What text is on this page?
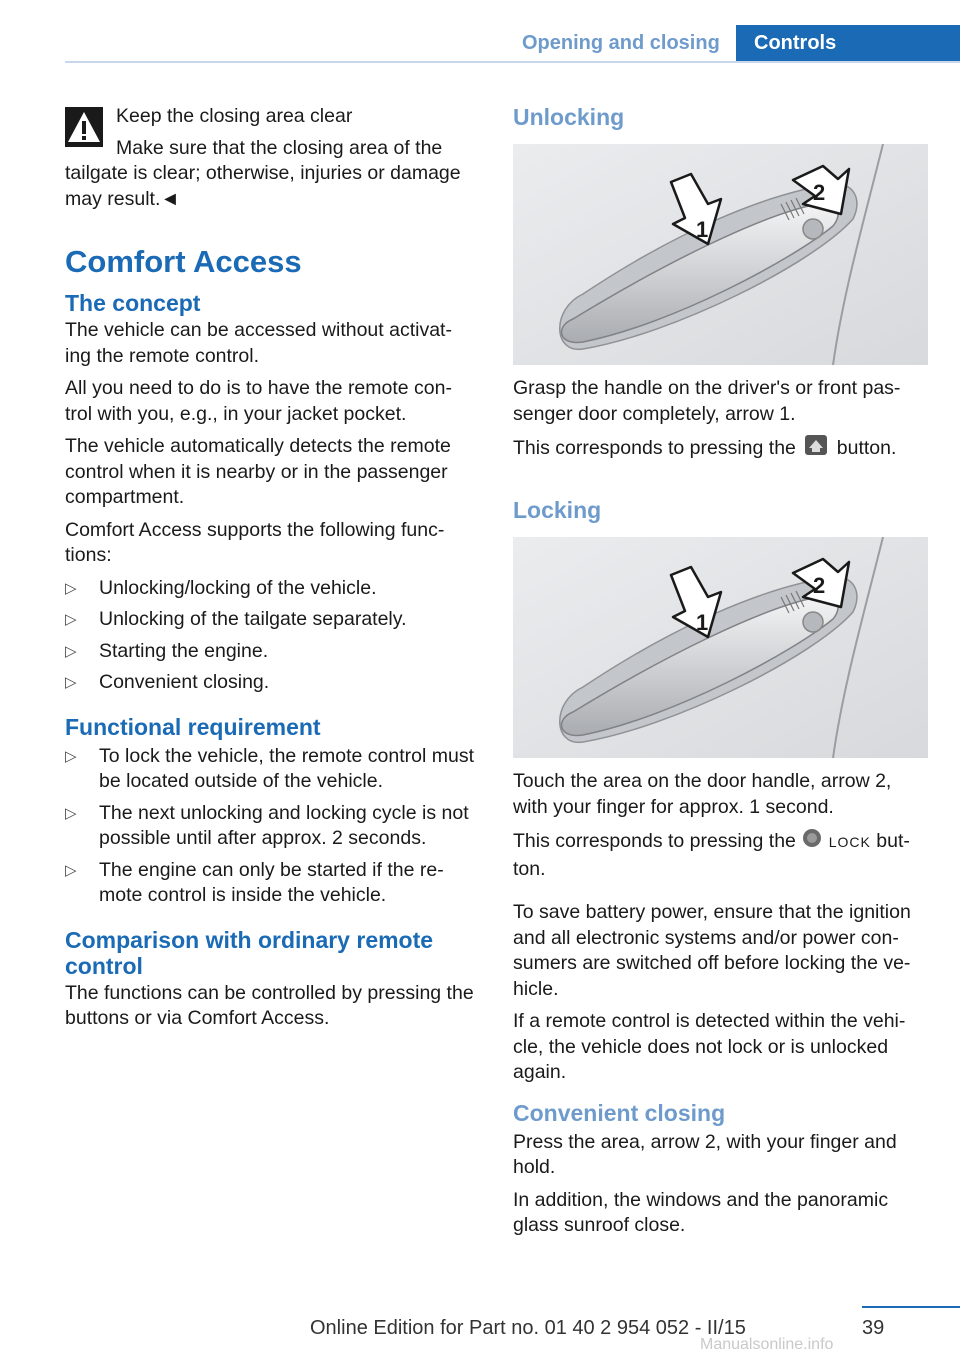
Opening and closing	Controls

Keep the closing area clear

Make sure that the closing area of the tailgate is clear; otherwise, injuries or damage may result.◄

Comfort Access
The concept

The vehicle can be accessed without activat‐ ing the remote control.

All you need to do is to have the remote con‐ trol with you, e.g., in your jacket pocket.

The vehicle automatically detects the remote control when it is nearby or in the passenger compartment.

Comfort Access supports the following func‐ tions:

▷ Unlocking/locking of the vehicle.
▷ Unlocking of the tailgate separately.
▷ Starting the engine.
▷ Convenient closing.
Functional requirement
▷ To lock the vehicle, the remote control must be located outside of the vehicle.
▷ The next unlocking and locking cycle is not possible until after approx. 2 seconds.
▷ The engine can only be started if the re‐ mote control is inside the vehicle.
Comparison with ordinary remote control

The functions can be controlled by pressing the buttons or via Comfort Access.

Unlocking
1
2

Grasp the handle on the driver's or front pas‐ senger door completely, arrow 1.

This corresponds to pressing the button.

Locking
1
2

Touch the area on the door handle, arrow 2, with your finger for approx. 1 second.

This corresponds to pressing the LOCK but‐ ton.

To save battery power, ensure that the ignition and all electronic systems and/or power con‐ sumers are switched off before locking the ve‐ hicle.

If a remote control is detected within the vehi‐ cle, the vehicle does not lock or is unlocked again.

Convenient closing

Press the area, arrow 2, with your finger and hold.

In addition, the windows and the panoramic glass sunroof close.

Online Edition for Part no. 01 40 2 954 052 - II/15	39
Manualsonline.info
